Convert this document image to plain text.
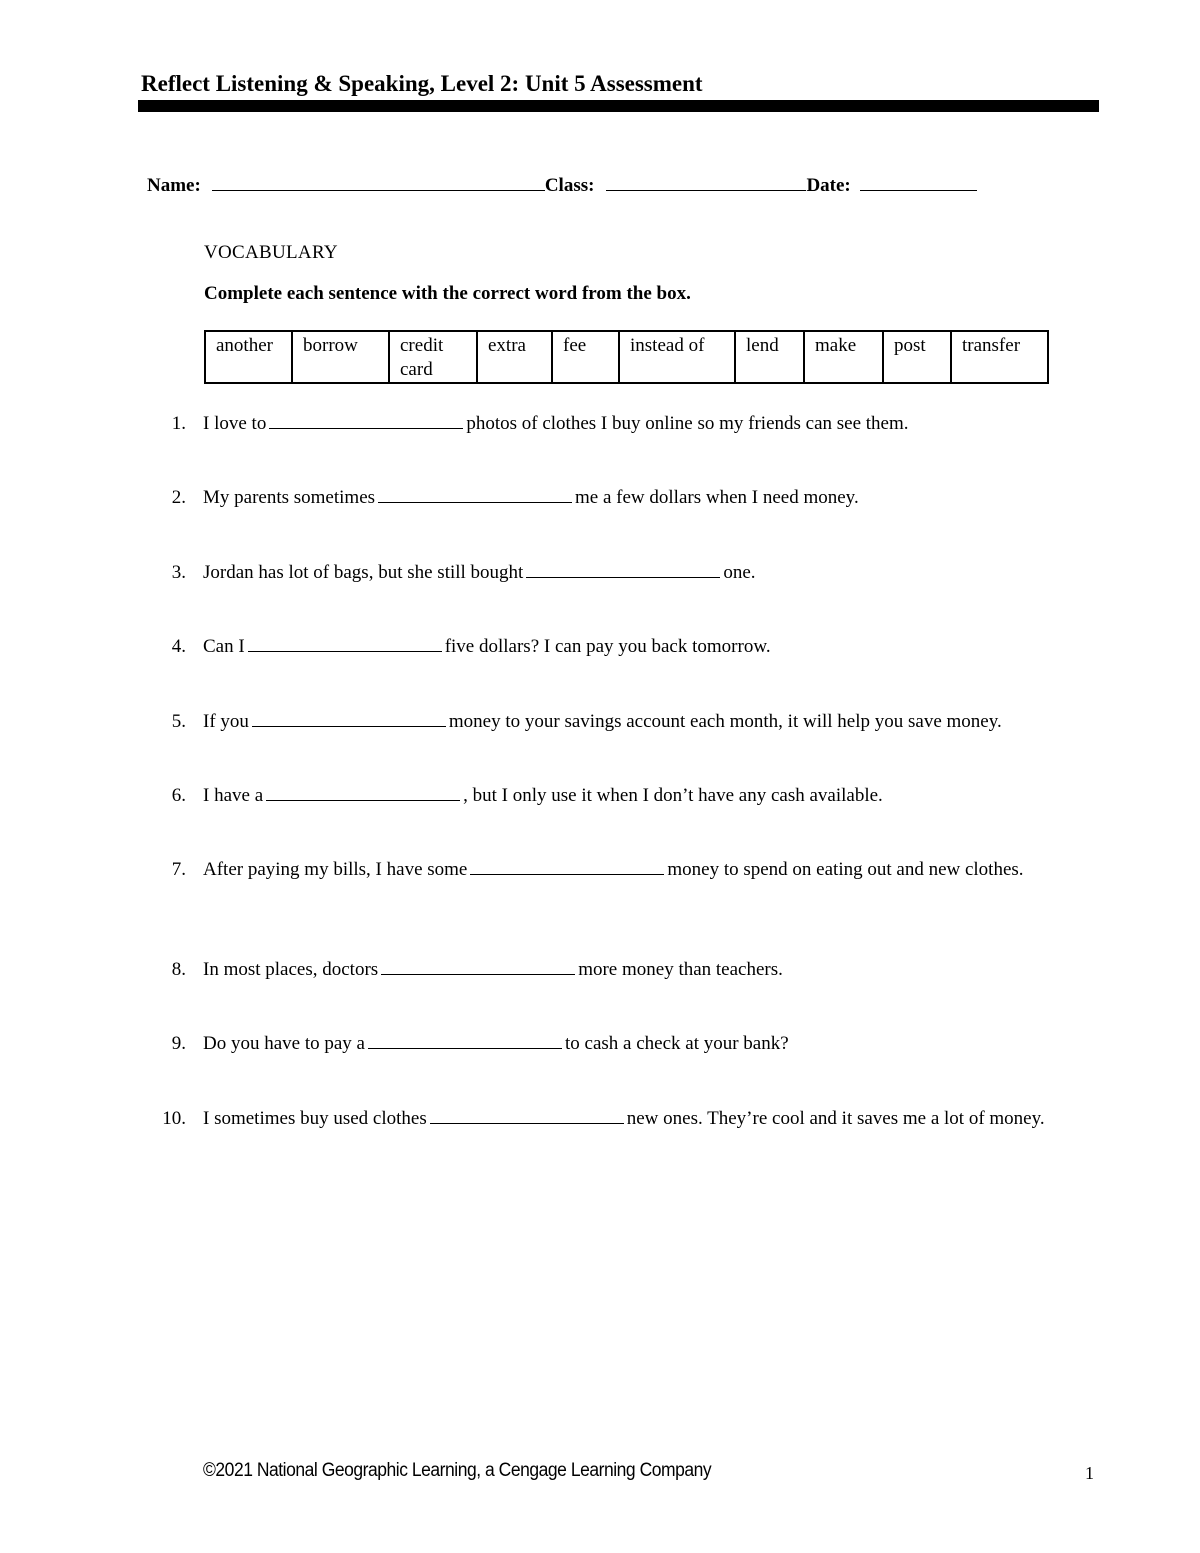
Reflect Listening & Speaking, Level 2: Unit 5 Assessment
Name:	Class:	Date:
VOCABULARY
Complete each sentence with the correct word from the box.
another	borrow	credit
card	extra	fee	instead of	lend	make	post	transfer
1. I love to	photos of clothes I buy online so my friends can see them.
2. My parents sometimes	me a few dollars when I need money.
3. Jordan has lot of bags, but she still bought	one.
4. Can I	five dollars? I can pay you back tomorrow.
5. If you	money to your savings account each month, it will help you save money.
6. I have a	, but I only use it when I don’t have any cash available.
7. After paying my bills, I have some	money to spend on eating out and new clothes.
8. In most places, doctors	more money than teachers.
9. Do you have to pay a	to cash a check at your bank?
10. I sometimes buy used clothes	new ones. They’re cool and it saves me a lot of money.
©2021 National Geographic Learning, a Cengage Learning Company	1
